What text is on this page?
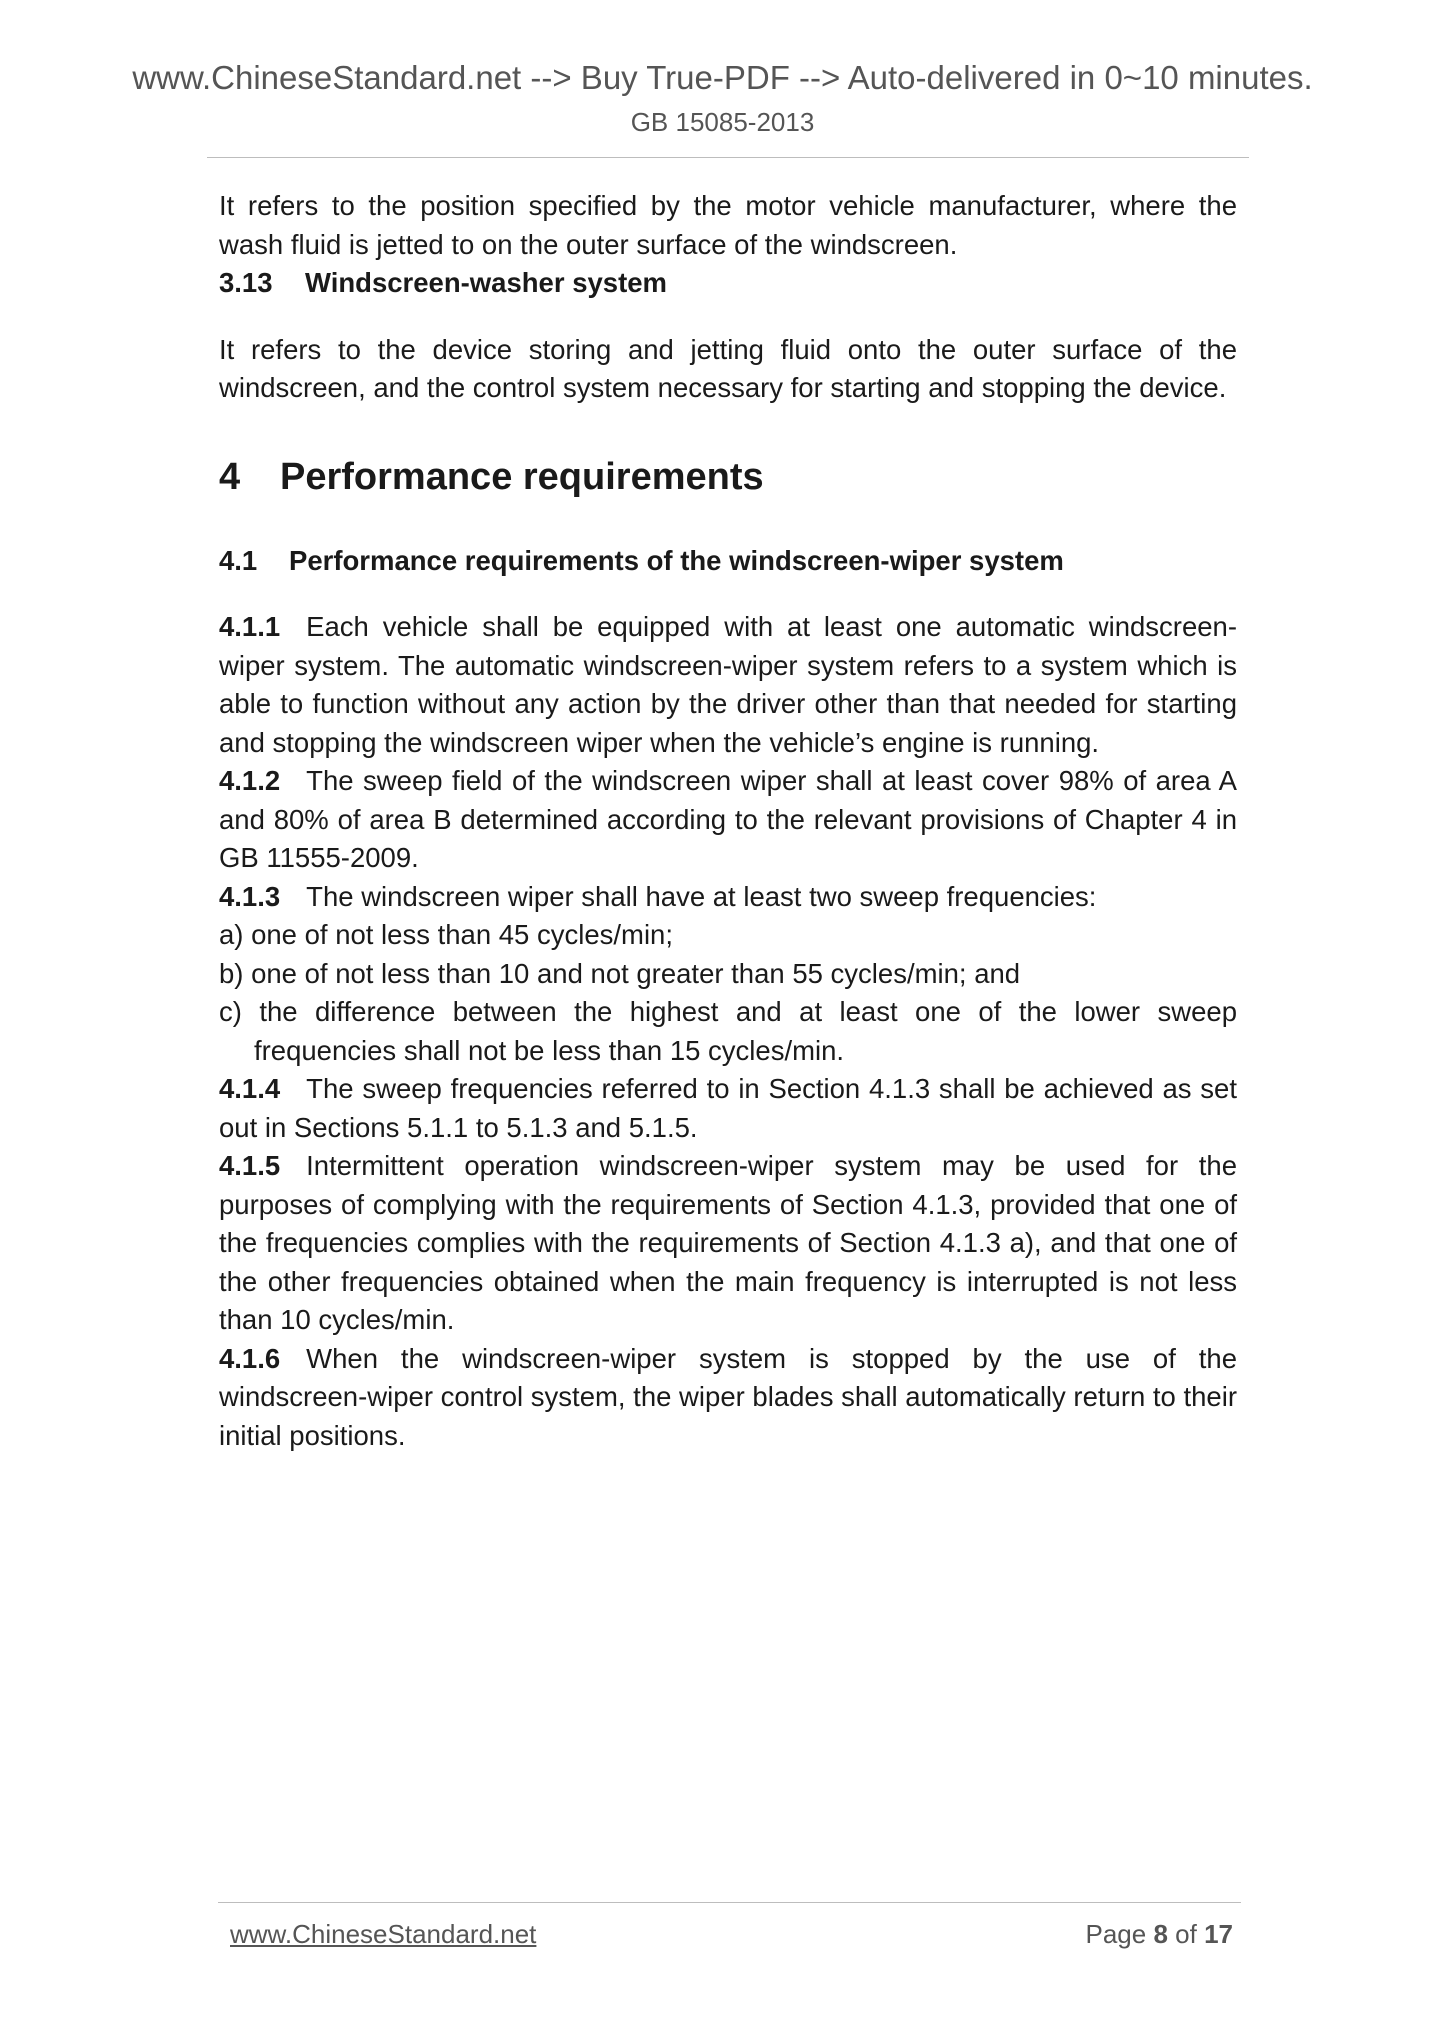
www.ChineseStandard.net --> Buy True-PDF --> Auto-delivered in 0~10 minutes.
GB 15085-2013

It refers to the position specified by the motor vehicle manufacturer, where the wash fluid is jetted to on the outer surface of the windscreen.

3.13 Windscreen-washer system

It refers to the device storing and jetting fluid onto the outer surface of the windscreen, and the control system necessary for starting and stopping the device.

4 Performance requirements
4.1 Performance requirements of the windscreen-wiper system

4.1.1 Each vehicle shall be equipped with at least one automatic windscreen-wiper system. The automatic windscreen-wiper system refers to a system which is able to function without any action by the driver other than that needed for starting and stopping the windscreen wiper when the vehicle’s engine is running.

4.1.2 The sweep field of the windscreen wiper shall at least cover 98% of area A and 80% of area B determined according to the relevant provisions of Chapter 4 in GB 11555-2009.

4.1.3 The windscreen wiper shall have at least two sweep frequencies:

a) one of not less than 45 cycles/min;

b) one of not less than 10 and not greater than 55 cycles/min; and

c) the difference between the highest and at least one of the lower sweep frequencies shall not be less than 15 cycles/min.

4.1.4 The sweep frequencies referred to in Section 4.1.3 shall be achieved as set out in Sections 5.1.1 to 5.1.3 and 5.1.5.

4.1.5 Intermittent operation windscreen-wiper system may be used for the purposes of complying with the requirements of Section 4.1.3, provided that one of the frequencies complies with the requirements of Section 4.1.3 a), and that one of the other frequencies obtained when the main frequency is interrupted is not less than 10 cycles/min.

4.1.6 When the windscreen-wiper system is stopped by the use of the windscreen-wiper control system, the wiper blades shall automatically return to their initial positions.

www.ChineseStandard.net	Page 8 of 17
